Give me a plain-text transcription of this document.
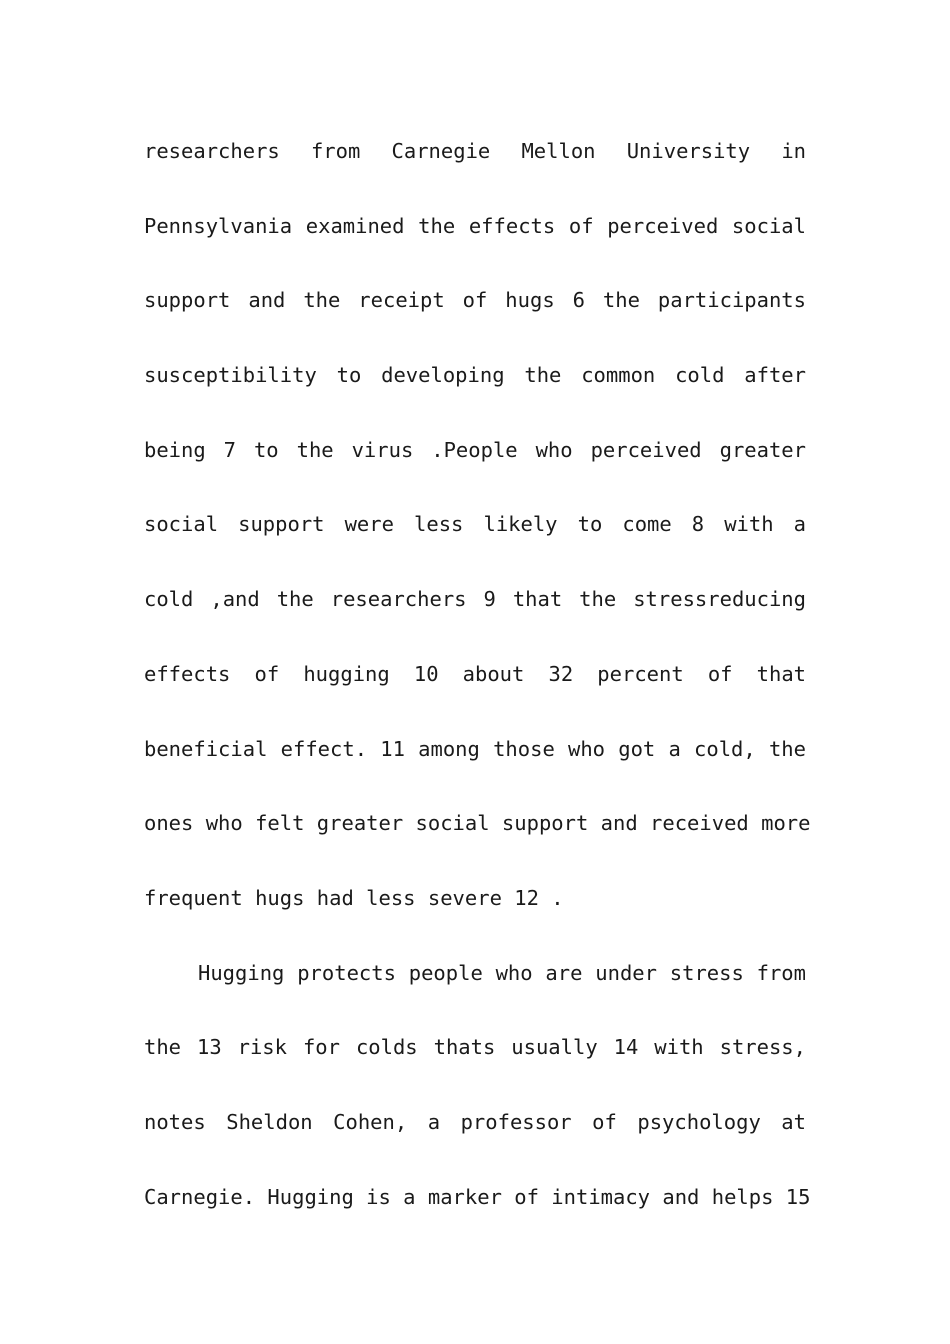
researchers from Carnegie Mellon University in
Pennsylvania examined the effects of perceived social
support and the receipt of hugs 6 the participants
susceptibility to developing the common cold after
being 7 to the virus .People who perceived greater
social support were less likely to come 8 with a
cold ,and the researchers 9 that the stressreducing
effects of hugging 10 about 32 percent of that
beneficial effect. 11 among those who got a cold, the
ones who felt greater social support and received more
frequent hugs had less severe 12 .
Hugging protects people who are under stress from
the 13 risk for colds thats usually 14 with stress,
notes Sheldon Cohen, a professor of psychology at
Carnegie. Hugging is a marker of intimacy and helps 15
